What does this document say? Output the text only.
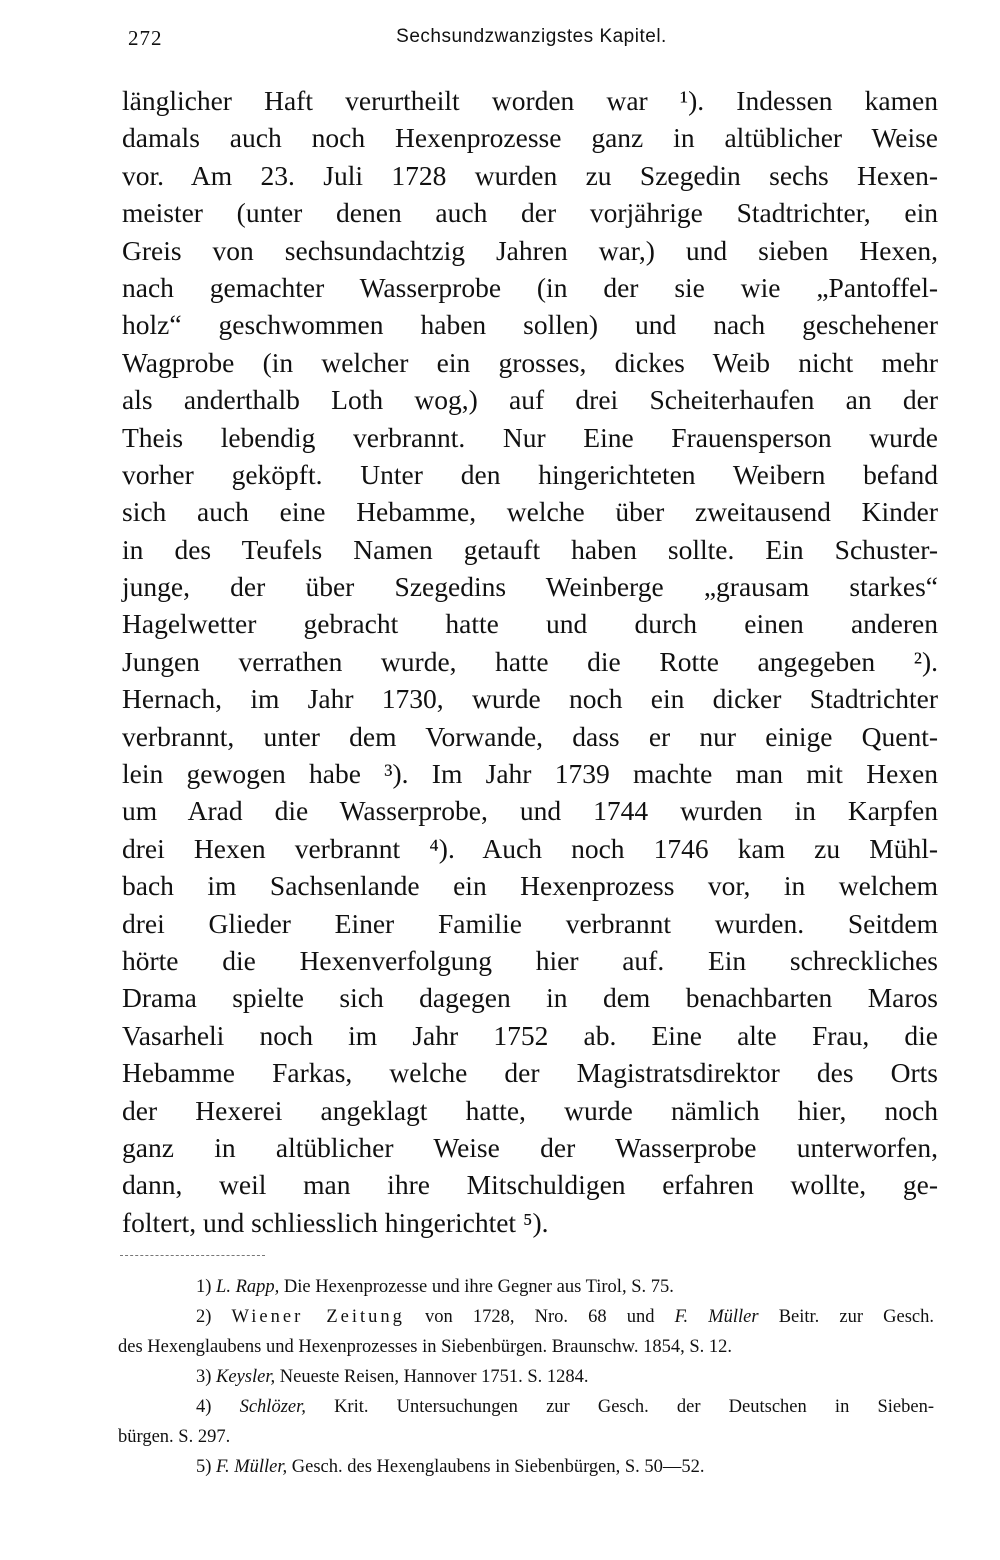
272	Sechsundzwanzigstes Kapitel.
länglicher Haft verurtheilt worden war ¹). Indessen kamen
damals auch noch Hexenprozesse ganz in altüblicher Weise
vor. Am 23. Juli 1728 wurden zu Szegedin sechs Hexen-
meister (unter denen auch der vorjährige Stadtrichter, ein
Greis von sechsundachtzig Jahren war,) und sieben Hexen,
nach gemachter Wasserprobe (in der sie wie „Pantoffel-
holz“ geschwommen haben sollen) und nach geschehener
Wagprobe (in welcher ein grosses, dickes Weib nicht mehr
als anderthalb Loth wog,) auf drei Scheiterhaufen an der
Theis lebendig verbrannt. Nur Eine Frauensperson wurde
vorher geköpft. Unter den hingerichteten Weibern befand
sich auch eine Hebamme, welche über zweitausend Kinder
in des Teufels Namen getauft haben sollte. Ein Schuster-
junge, der über Szegedins Weinberge „grausam starkes“
Hagelwetter gebracht hatte und durch einen anderen
Jungen verrathen wurde, hatte die Rotte angegeben ²).
Hernach, im Jahr 1730, wurde noch ein dicker Stadtrichter
verbrannt, unter dem Vorwande, dass er nur einige Quent-
lein gewogen habe ³). Im Jahr 1739 machte man mit Hexen
um Arad die Wasserprobe, und 1744 wurden in Karpfen
drei Hexen verbrannt ⁴). Auch noch 1746 kam zu Mühl-
bach im Sachsenlande ein Hexenprozess vor, in welchem
drei Glieder Einer Familie verbrannt wurden. Seitdem
hörte die Hexenverfolgung hier auf. Ein schreckliches
Drama spielte sich dagegen in dem benachbarten Maros
Vasarheli noch im Jahr 1752 ab. Eine alte Frau, die
Hebamme Farkas, welche der Magistratsdirektor des Orts
der Hexerei angeklagt hatte, wurde nämlich hier, noch
ganz in altüblicher Weise der Wasserprobe unterworfen,
dann, weil man ihre Mitschuldigen erfahren wollte, ge-
foltert, und schliesslich hingerichtet ⁵).
1) L. Rapp, Die Hexenprozesse und ihre Gegner aus Tirol, S. 75.
2) Wiener Zeitung von 1728, Nro. 68 und F. Müller Beitr. zur Gesch.
des Hexenglaubens und Hexenprozesses in Siebenbürgen. Braunschw. 1854, S. 12.
3) Keysler, Neueste Reisen, Hannover 1751. S. 1284.
4) Schlözer, Krit. Untersuchungen zur Gesch. der Deutschen in Sieben-
bürgen. S. 297.
5) F. Müller, Gesch. des Hexenglaubens in Siebenbürgen, S. 50—52.
